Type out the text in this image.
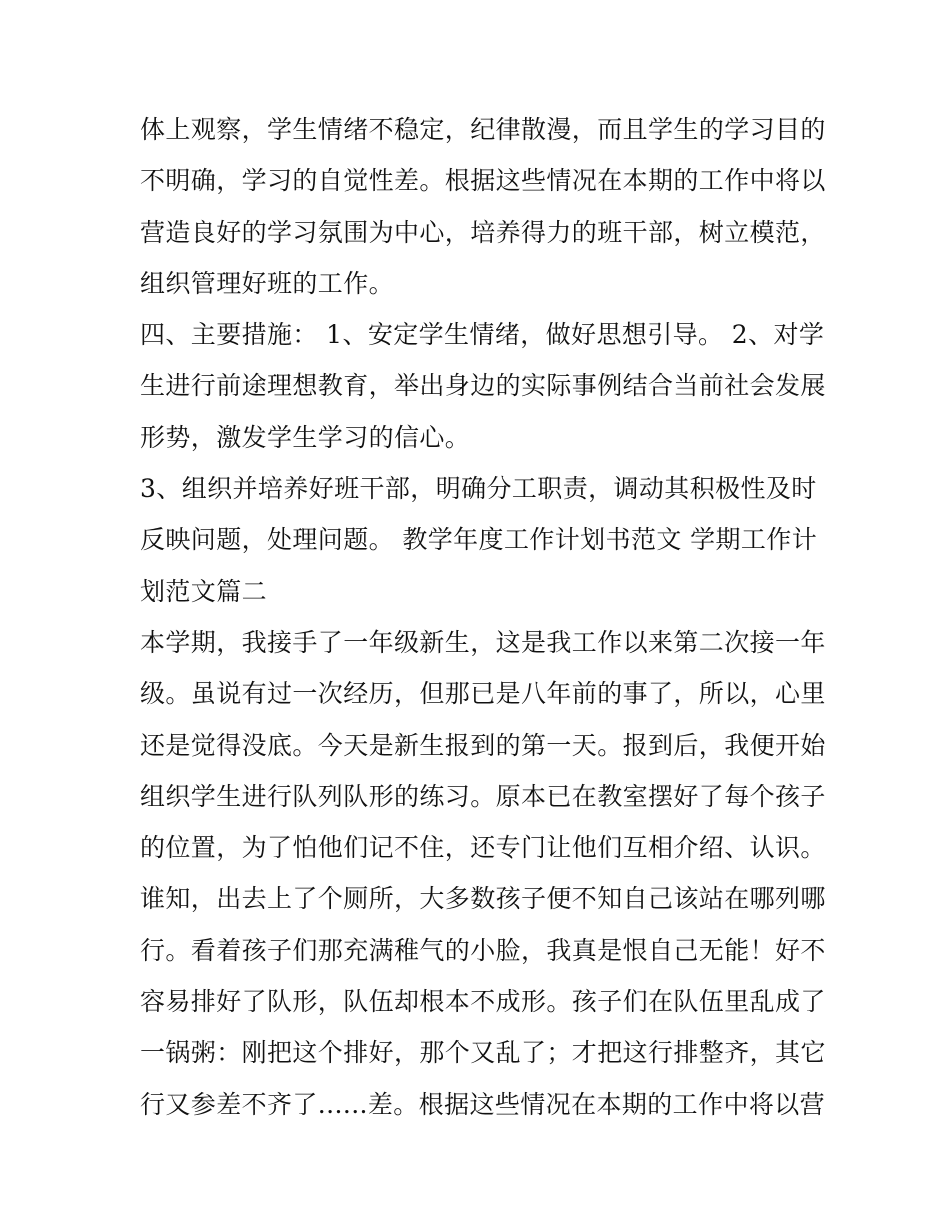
体上观察，学生情绪不稳定，纪律散漫，而且学生的学习目的
不明确，学习的自觉性差。根据这些情况在本期的工作中将以
营造良好的学习氛围为中心，培养得力的班干部，树立模范，
组织管理好班的工作。
四、主要措施： 1、安定学生情绪，做好思想引导。 2、对学
生进行前途理想教育，举出身边的实际事例结合当前社会发展
形势，激发学生学习的信心。
3、组织并培养好班干部，明确分工职责，调动其积极性及时
反映问题，处理问题。 教学年度工作计划书范文 学期工作计
划范文篇二
本学期，我接手了一年级新生，这是我工作以来第二次接一年
级。虽说有过一次经历，但那已是八年前的事了，所以，心里
还是觉得没底。今天是新生报到的第一天。报到后，我便开始
组织学生进行队列队形的练习。原本已在教室摆好了每个孩子
的位置，为了怕他们记不住，还专门让他们互相介绍、认识。
谁知，出去上了个厕所，大多数孩子便不知自己该站在哪列哪
行。看着孩子们那充满稚气的小脸，我真是恨自己无能！好不
容易排好了队形，队伍却根本不成形。孩子们在队伍里乱成了
一锅粥：刚把这个排好，那个又乱了；才把这行排整齐，其它
行又参差不齐了......差。根据这些情况在本期的工作中将以营
